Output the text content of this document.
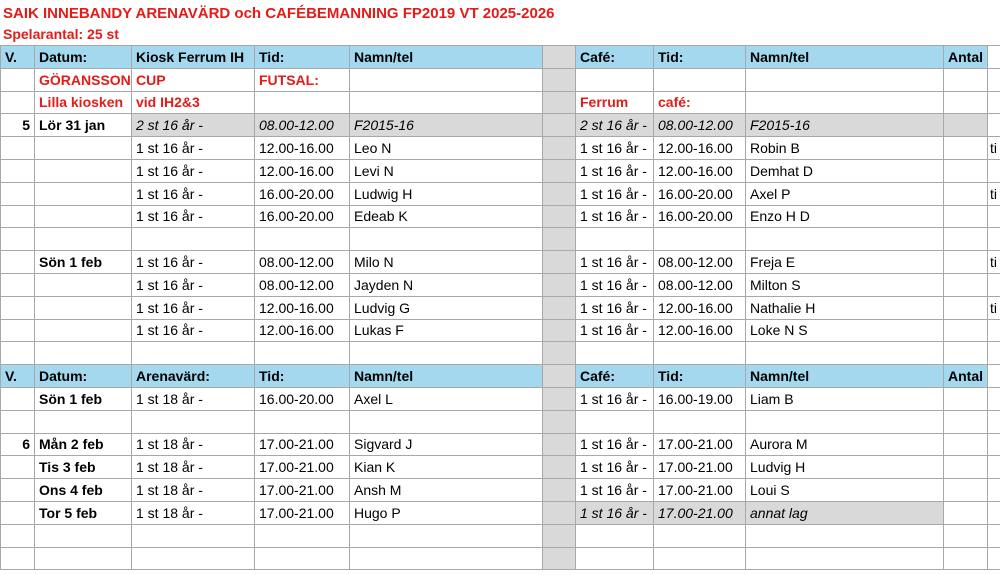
SAIK INNEBANDY ARENAVÄRD och CAFÉBEMANNING FP2019 VT 2025-2026
Spelarantal: 25 st
V.	Datum:	Kiosk Ferrum IH	Tid:	Namn/tel		Café:	Tid:	Namn/tel	Antal	
	GÖRANSSON	CUP	FUTSAL:							
	Lilla kiosken	vid IH2&3				Ferrum	café:			
5	Lör 31 jan	2 st 16 år -	08.00-12.00	F2015-16		2 st 16 år -	08.00-12.00	F2015-16		
		1 st 16 år -	12.00-16.00	Leo N		1 st 16 år -	12.00-16.00	Robin B		ti
		1 st 16 år -	12.00-16.00	Levi N		1 st 16 år -	12.00-16.00	Demhat D		
		1 st 16 år -	16.00-20.00	Ludwig H		1 st 16 år -	16.00-20.00	Axel P		ti
		1 st 16 år -	16.00-20.00	Edeab K		1 st 16 år -	16.00-20.00	Enzo H D		

	Sön 1 feb	1 st 16 år -	08.00-12.00	Milo N		1 st 16 år -	08.00-12.00	Freja E		ti
		1 st 16 år -	08.00-12.00	Jayden N		1 st 16 år -	08.00-12.00	Milton S		
		1 st 16 år -	12.00-16.00	Ludvig G		1 st 16 år -	12.00-16.00	Nathalie H		ti
		1 st 16 år -	12.00-16.00	Lukas F		1 st 16 år -	12.00-16.00	Loke N S		

V.	Datum:	Arenavärd:	Tid:	Namn/tel		Café:	Tid:	Namn/tel	Antal	
	Sön 1 feb	1 st 18 år -	16.00-20.00	Axel L		1 st 16 år -	16.00-19.00	Liam B		

6	Mån 2 feb	1 st 18 år -	17.00-21.00	Sigvard J		1 st 16 år -	17.00-21.00	Aurora M		
	Tis 3 feb	1 st 18 år -	17.00-21.00	Kian K		1 st 16 år -	17.00-21.00	Ludvig H		
	Ons 4 feb	1 st 18 år -	17.00-21.00	Ansh M		1 st 16 år -	17.00-21.00	Loui S		
	Tor 5 feb	1 st 18 år -	17.00-21.00	Hugo P		1 st 16 år -	17.00-21.00	annat lag		
